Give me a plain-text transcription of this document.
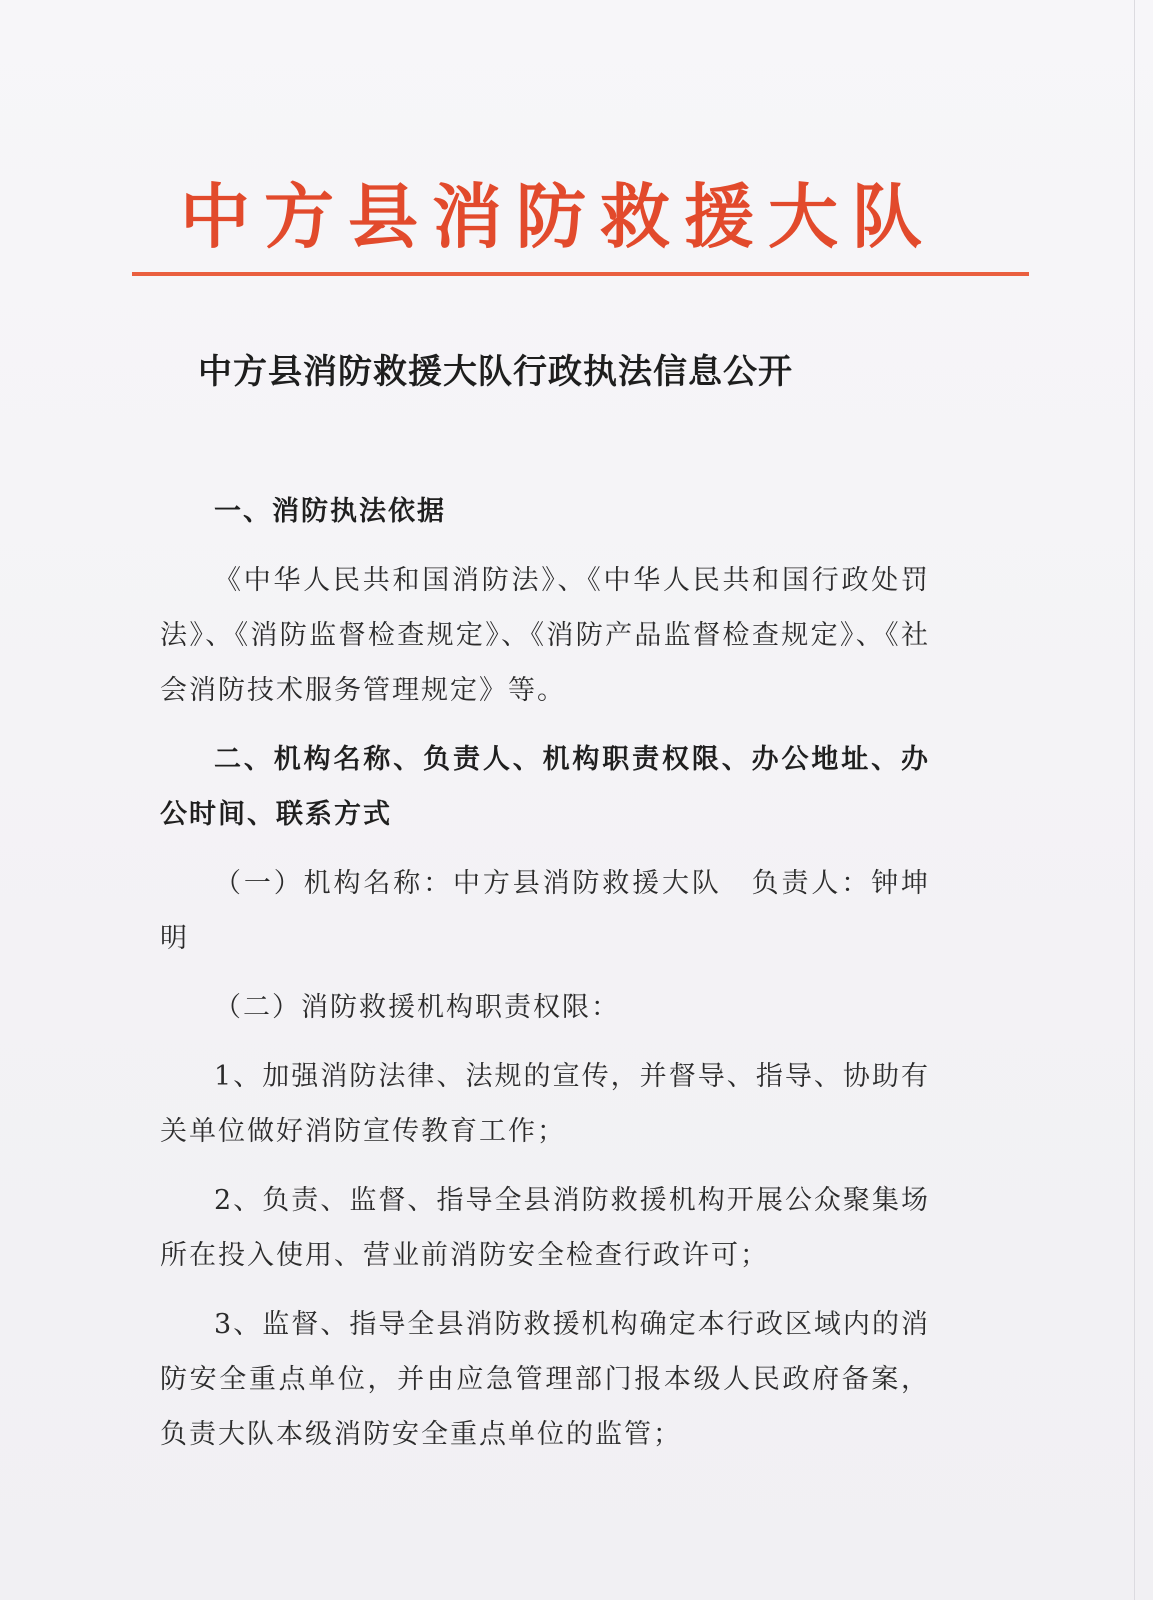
中方县消防救援大队
中方县消防救援大队行政执法信息公开

一、消防执法依据

《中华人民共和国消防法》、《中华人民共和国行政处罚法》、《消防监督检查规定》、《消防产品监督检查规定》、《社会消防技术服务管理规定》等。

二、机构名称、负责人、机构职责权限、办公地址、办公时间、联系方式

（一）机构名称：中方县消防救援大队　负责人：钟坤明

（二）消防救援机构职责权限：

1、加强消防法律、法规的宣传，并督导、指导、协助有关单位做好消防宣传教育工作；

2、负责、监督、指导全县消防救援机构开展公众聚集场所在投入使用、营业前消防安全检查行政许可；

3、监督、指导全县消防救援机构确定本行政区域内的消防安全重点单位，并由应急管理部门报本级人民政府备案，负责大队本级消防安全重点单位的监管；
